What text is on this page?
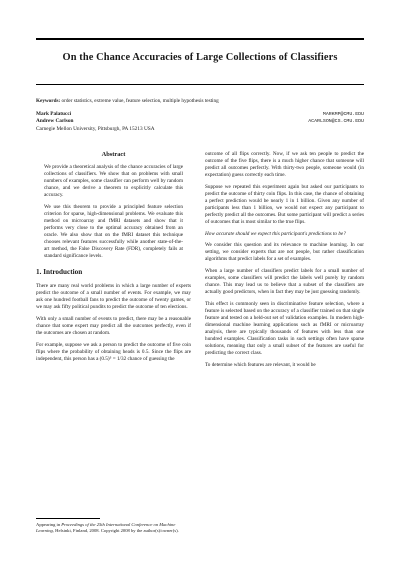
On the Chance Accuracies of Large Collections of Classifiers
Keywords: order statistics, extreme value, feature selection, multiple hypothesis testing
Mark Palatucci	MARKMP@CMU.EDU
Andrew Carlson	ACARLSON@CS.CMU.EDU
Carnegie Mellon University, Pittsburgh, PA 15213 USA
Abstract

We provide a theoretical analysis of the chance accuracies of large collections of classifiers. We show that on problems with small numbers of examples, some classifier can perform well by random chance, and we derive a theorem to explicitly calculate this accuracy.

We use this theorem to provide a principled feature selection criterion for sparse, high-dimensional problems. We evaluate this method on microarray and fMRI datasets and show that it performs very close to the optimal accuracy obtained from an oracle. We also show that on the fMRI dataset this technique chooses relevant features successfully while another state-of-the-art method, the False Discovery Rate (FDR), completely fails at standard significance levels.

1. Introduction

There are many real world problems in which a large number of experts predict the outcome of a small number of events. For example, we may ask one hundred football fans to predict the outcome of twenty games, or we may ask fifty political pundits to predict the outcome of ten elections.

With only a small number of events to predict, there may be a reasonable chance that some expert may predict all the outcomes perfectly, even if the outcomes are chosen at random.

For example, suppose we ask a person to predict the outcome of five coin flips where the probability of obtaining heads is 0.5. Since the flips are independent, this person has a (0.5)⁵ = 1/32 chance of guessing the

Appearing in Proceedings of the 25th International Conference on Machine Learning, Helsinki, Finland, 2008. Copyright 2008 by the author(s)/owner(s).

outcome of all flips correctly. Now, if we ask ten people to predict the outcome of the five flips, there is a much higher chance that someone will predict all outcomes perfectly. With thirty-two people, someone would (in expectation) guess correctly each time.

Suppose we repeated this experiment again but asked our participants to predict the outcome of thirty coin flips. In this case, the chance of obtaining a perfect prediction would be nearly 1 in 1 billion. Given any number of participants less than 1 billion, we would not expect any participant to perfectly predict all the outcomes. But some participant will predict a series of outcomes that is most similar to the true flips.

How accurate should we expect this participant's predictions to be?

We consider this question and its relevance to machine learning. In our setting, we consider experts that are not people, but rather classification algorithms that predict labels for a set of examples.

When a large number of classifiers predict labels for a small number of examples, some classifiers will predict the labels well purely by random chance. This may lead us to believe that a subset of the classifiers are actually good predictors, when in fact they may be just guessing randomly.

This effect is commonly seen in discriminative feature selection, where a feature is selected based on the accuracy of a classifier trained on that single feature and tested on a held-out set of validation examples. In modern high-dimensional machine learning applications such as fMRI or microarray analysis, there are typically thousands of features with less than one hundred examples. Classification tasks in such settings often have sparse solutions, meaning that only a small subset of the features are useful for predicting the correct class.

To determine which features are relevant, it would be
